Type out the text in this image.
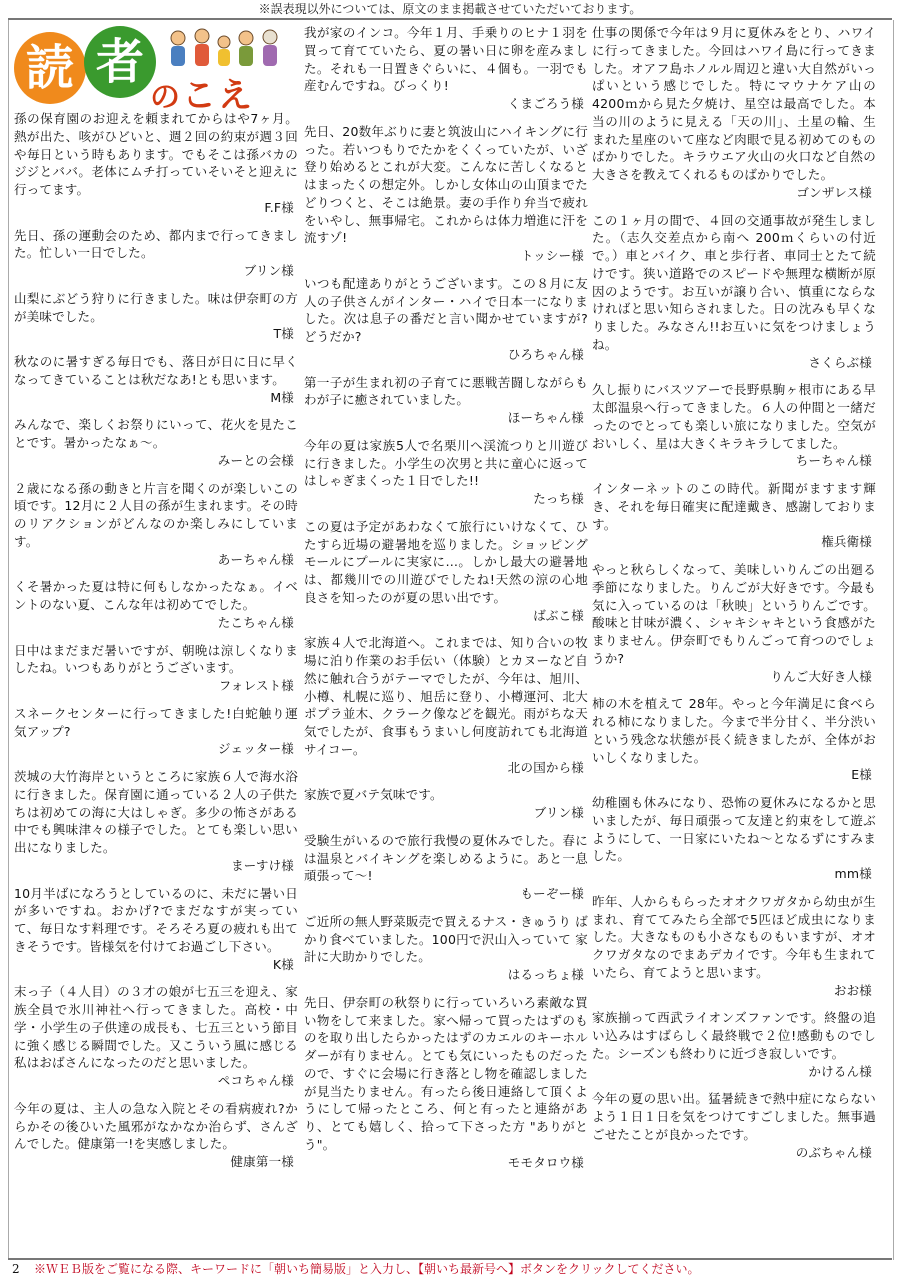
※誤表現以外については、原文のまま掲載させていただいております。
読 者
のこえ
孫の保育園のお迎えを頼まれてからはや7ヶ月。熱が出た、咳がひどいと、週２回の約束が週３回や毎日という時もあります。でもそこは孫バカのジジとババ。老体にムチ打っていそいそと迎えに行ってます。
F.F様
先日、孫の運動会のため、都内まで行ってきました。忙しい一日でした。
ブリン様
山梨にぶどう狩りに行きました。味は伊奈町の方が美味でした。
T様
秋なのに暑すぎる毎日でも、落日が日に日に早くなってきていることは秋だなあ!とも思います。
M様
みんなで、楽しくお祭りにいって、花火を見たことです。暑かったなぁ〜。
みーとの会様
２歳になる孫の動きと片言を聞くのが楽しいこの頃です。12月に２人目の孫が生まれます。その時のリアクションがどんなのか楽しみにしています。
あーちゃん様
くそ暑かった夏は特に何もしなかったなぁ。イベントのない夏、こんな年は初めてでした。
たこちゃん様
日中はまだまだ暑いですが、朝晩は涼しくなりましたね。いつもありがとうございます。
フォレスト様
スネークセンターに行ってきました!白蛇触り運気アップ?
ジェッター様
茨城の大竹海岸というところに家族６人で海水浴に行きました。保育園に通っている２人の子供たちは初めての海に大はしゃぎ。多少の怖さがある中でも興味津々の様子でした。とても楽しい思い出になりました。
まーすけ様
10月半ばになろうとしているのに、未だに暑い日が多いですね。おかげ?でまだなすが実っていて、毎日なす料理です。そろそろ夏の疲れも出てきそうです。皆様気を付けてお過ごし下さい。
K様
末っ子（４人目）の３才の娘が七五三を迎え、家族全員で氷川神社へ行ってきました。高校・中学・小学生の子供達の成長も、七五三という節目に強く感じる瞬間でした。又こういう風に感じる私はおばさんになったのだと思いました。
ペコちゃん様
今年の夏は、主人の急な入院とその看病疲れ?からかその後ひいた風邪がなかなか治らず、さんざんでした。健康第一!を実感しました。
健康第一様
我が家のインコ。今年１月、手乗りのヒナ１羽を買って育てていたら、夏の暑い日に卵を産みました。それも一日置きぐらいに、４個も。一羽でも産むんですね。びっくり!
くまごろう様
先日、20数年ぶりに妻と筑波山にハイキングに行った。若いつもりでたかをくくっていたが、いざ登り始めるとこれが大変。こんなに苦しくなるとはまったくの想定外。しかし女体山の山頂までたどりつくと、そこは絶景。妻の手作り弁当で疲れをいやし、無事帰宅。これからは体力増進に汗を流すゾ!
トッシー様
いつも配達ありがとうございます。この８月に友人の子供さんがインター・ハイで日本一になりました。次は息子の番だと言い聞かせていますが?どうだか?
ひろちゃん様
第一子が生まれ初の子育てに悪戦苦闘しながらもわが子に癒されていました。
ほーちゃん様
今年の夏は家族5人で名栗川へ渓流つりと川遊びに行きました。小学生の次男と共に童心に返ってはしゃぎまくった１日でした!!
たっち様
この夏は予定があわなくて旅行にいけなくて、ひたすら近場の避暑地を巡りました。ショッピングモールにプールに実家に…。しかし最大の避暑地は、都幾川での川遊びでしたね!天然の涼の心地良さを知ったのが夏の思い出です。
ばぶこ様
家族４人で北海道へ。これまでは、知り合いの牧場に泊り作業のお手伝い（体験）とカヌーなど自然に触れ合うがテーマでしたが、今年は、旭川、小樽、札幌に巡り、旭岳に登り、小樽運河、北大ポプラ並木、クラーク像などを観光。雨がちな天気でしたが、食事もうまいし何度訪れても北海道サイコー。
北の国から様
家族で夏バテ気味です。
ブリン様
受験生がいるので旅行我慢の夏休みでした。春には温泉とバイキングを楽しめるように。あと一息頑張って〜!
もーぞー様
ご近所の無人野菜販売で買えるナス・きゅうり ばかり食べていました。100円で沢山入っていて 家計に大助かりでした。
はるっちょ様
先日、伊奈町の秋祭りに行っていろいろ素敵な買い物をして来ました。家へ帰って買ったはずのものを取り出したらかったはずのカエルのキーホルダーが有りません。とても気にいったものだったので、すぐに会場に行き落とし物を確認しましたが見当たりません。有ったら後日連絡して頂くようにして帰ったところ、何と有ったと連絡があり、とても嬉しく、拾って下さった方 "ありがとう"。
モモタロウ様
仕事の関係で今年は９月に夏休みをとり、ハワイに行ってきました。今回はハワイ島に行ってきました。オアフ島ホノルル周辺と違い大自然がいっぱいという感じでした。特にマウナケア山の4200ｍから見た夕焼け、星空は最高でした。本当の川のように見える「天の川」、土星の輪、生まれた星座のいて座など肉眼で見る初めてのものばかりでした。キラウエア火山の火口など自然の大きさを教えてくれるものばかりでした。
ゴンザレス様
この１ヶ月の間で、４回の交通事故が発生しました。（志久交差点から南へ 200ｍくらいの付近で。）車とバイク、車と歩行者、車同士とたて続けです。狭い道路でのスピードや無理な横断が原因のようです。お互いが譲り合い、慎重にならなければと思い知らされました。日の沈みも早くなりました。みなさん!!お互いに気をつけましょうね。
さくらぶ様
久し振りにバスツアーで長野県駒ヶ根市にある早太郎温泉へ行ってきました。６人の仲間と一緒だったのでとっても楽しい旅になりました。空気がおいしく、星は大きくキラキラしてました。
ちーちゃん様
インターネットのこの時代。新聞がますます輝き、それを毎日確実に配達戴き、感謝しております。
権兵衛様
やっと秋らしくなって、美味しいりんごの出廻る季節になりました。りんごが大好きです。今最も気に入っているのは「秋映」というりんごです。酸味と甘味が濃く、シャキシャキという食感がたまりません。伊奈町でもりんごって育つのでしょうか?
りんご大好き人様
柿の木を植えて 28年。やっと今年満足に食べられる柿になりました。今まで半分甘く、半分渋いという残念な状態が長く続きましたが、全体がおいしくなりました。
E様
幼稚園も休みになり、恐怖の夏休みになるかと思いましたが、毎日頑張って友達と約束をして遊ぶようにして、一日家にいたね〜となるずにすみました。
mm様
昨年、人からもらったオオクワガタから幼虫が生まれ、育ててみたら全部で5匹ほど成虫になりました。大きなものも小さなものもいますが、オオクワガタなのでまあデカイです。今年も生まれていたら、育てようと思います。
おお様
家族揃って西武ライオンズファンです。終盤の追い込みはすばらしく最終戦で２位!感動ものでした。シーズンも終わりに近づき寂しいです。
かけるん様
今年の夏の思い出。猛暑続きで熱中症にならないよう１日１日を気をつけてすごしました。無事過ごせたことが良かったです。
のぶちゃん様
2 ※ＷＥＢ版をご覧になる際、キーワードに「朝いち簡易版」と入力し、【朝いち最新号へ】ボタンをクリックしてください。
